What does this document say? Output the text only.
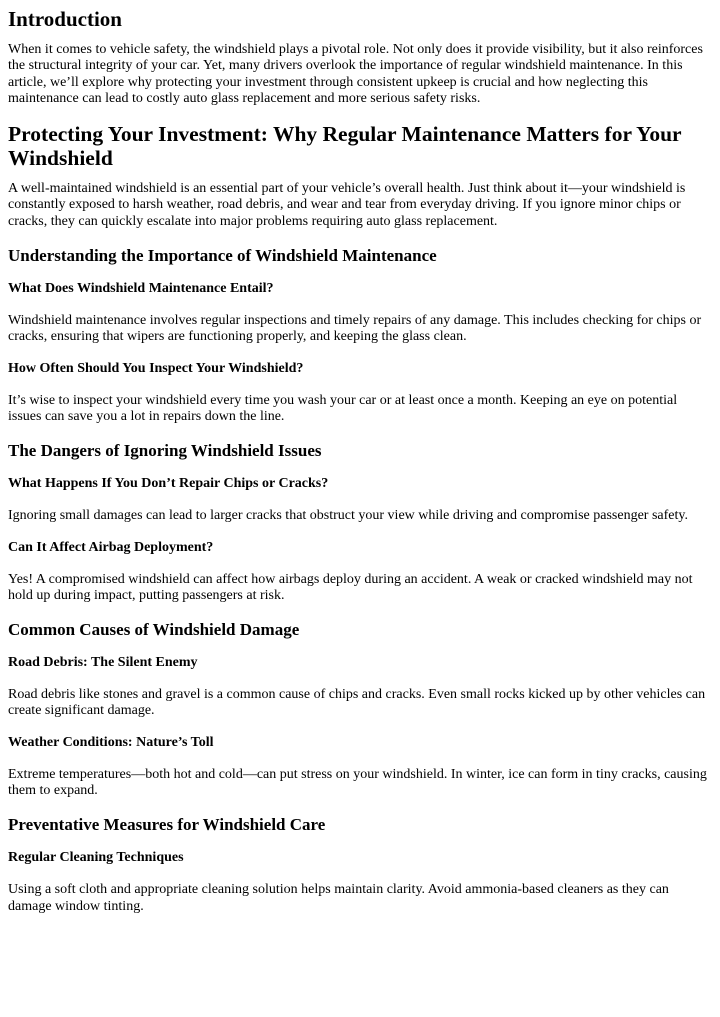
Introduction

When it comes to vehicle safety, the windshield plays a pivotal role. Not only does it provide visibility, but it also reinforces the structural integrity of your car. Yet, many drivers overlook the importance of regular windshield maintenance. In this article, we’ll explore why protecting your investment through consistent upkeep is crucial and how neglecting this maintenance can lead to costly auto glass replacement and more serious safety risks.

Protecting Your Investment: Why Regular Maintenance Matters for Your Windshield

A well-maintained windshield is an essential part of your vehicle’s overall health. Just think about it—your windshield is constantly exposed to harsh weather, road debris, and wear and tear from everyday driving. If you ignore minor chips or cracks, they can quickly escalate into major problems requiring auto glass replacement.

Understanding the Importance of Windshield Maintenance
What Does Windshield Maintenance Entail?

Windshield maintenance involves regular inspections and timely repairs of any damage. This includes checking for chips or cracks, ensuring that wipers are functioning properly, and keeping the glass clean.

How Often Should You Inspect Your Windshield?

It’s wise to inspect your windshield every time you wash your car or at least once a month. Keeping an eye on potential issues can save you a lot in repairs down the line.

The Dangers of Ignoring Windshield Issues
What Happens If You Don’t Repair Chips or Cracks?

Ignoring small damages can lead to larger cracks that obstruct your view while driving and compromise passenger safety.

Can It Affect Airbag Deployment?

Yes! A compromised windshield can affect how airbags deploy during an accident. A weak or cracked windshield may not hold up during impact, putting passengers at risk.

Common Causes of Windshield Damage
Road Debris: The Silent Enemy

Road debris like stones and gravel is a common cause of chips and cracks. Even small rocks kicked up by other vehicles can create significant damage.

Weather Conditions: Nature’s Toll

Extreme temperatures—both hot and cold—can put stress on your windshield. In winter, ice can form in tiny cracks, causing them to expand.

Preventative Measures for Windshield Care
Regular Cleaning Techniques

Using a soft cloth and appropriate cleaning solution helps maintain clarity. Avoid ammonia-based cleaners as they can damage window tinting.
